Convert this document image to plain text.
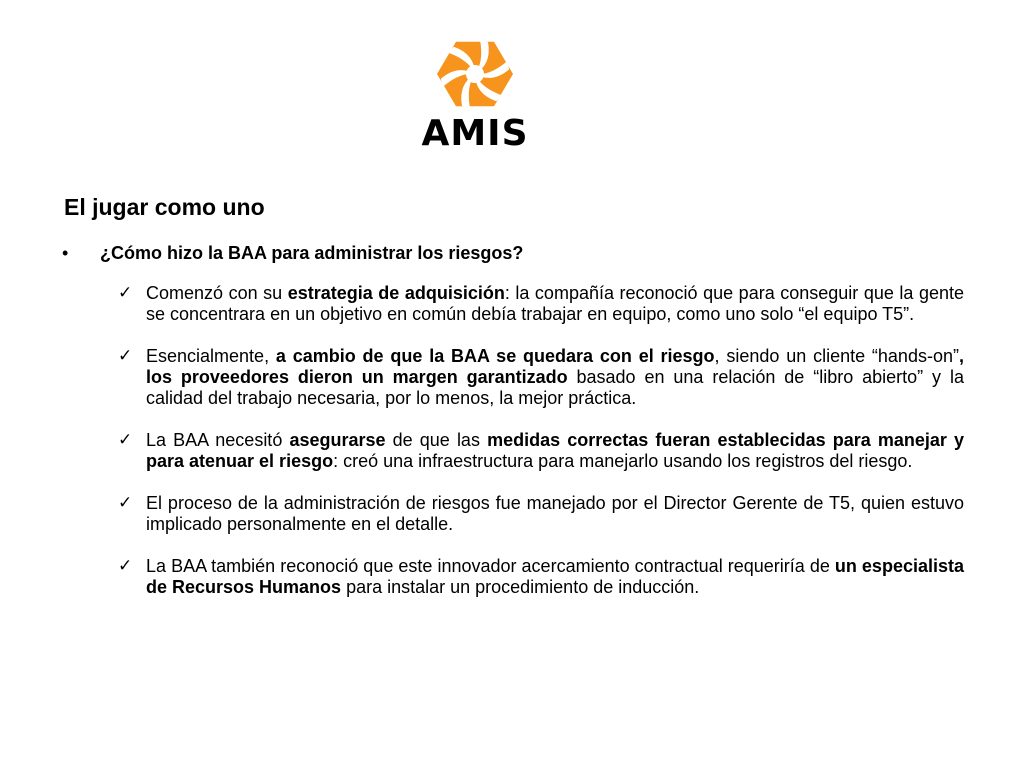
AMIS
El jugar como uno
•	¿Cómo hizo la BAA para administrar los riesgos?
✓ Comenzó con su estrategia de adquisición: la compañía reconoció que para conseguir que la gente se concentrara en un objetivo en común debía trabajar en equipo, como uno solo “el equipo T5”.
✓ Esencialmente, a cambio de que la BAA se quedara con el riesgo, siendo un cliente “hands-on”, los proveedores dieron un margen garantizado basado en una relación de “libro abierto” y la calidad del trabajo necesaria, por lo menos, la mejor práctica.
✓ La BAA necesitó asegurarse de que las medidas correctas fueran establecidas para manejar y para atenuar el riesgo: creó una infraestructura para manejarlo usando los registros del riesgo.
✓ El proceso de la administración de riesgos fue manejado por el Director Gerente de T5, quien estuvo implicado personalmente en el detalle.
✓ La BAA también reconoció que este innovador acercamiento contractual requeriría de un especialista de Recursos Humanos para instalar un procedimiento de inducción.
